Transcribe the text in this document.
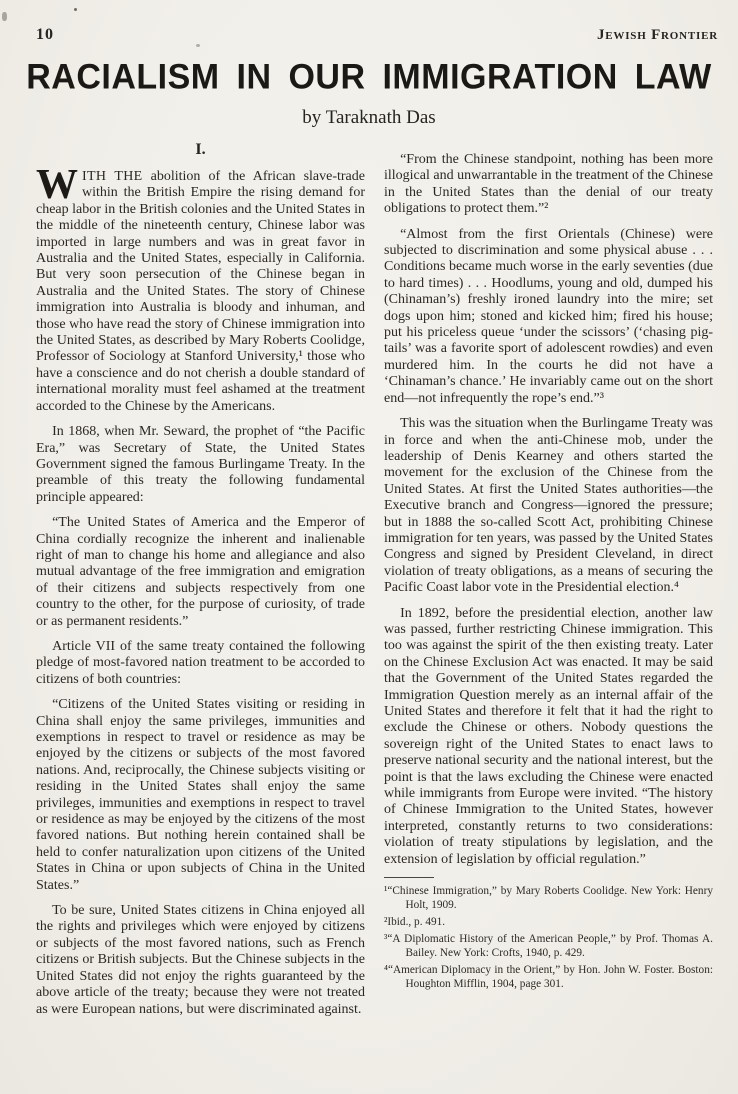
10	Jewish Frontier
RACIALISM IN OUR IMMIGRATION LAW
by Taraknath Das
I.

WITH THE abolition of the African slave-trade within the British Empire the rising demand for cheap labor in the British colonies and the United States in the middle of the nineteenth century, Chinese labor was imported in large numbers and was in great favor in Australia and the United States, especially in California. But very soon persecution of the Chinese began in Australia and the United States. The story of Chinese immigration into Australia is bloody and inhuman, and those who have read the story of Chinese immigration into the United States, as described by Mary Roberts Coolidge, Professor of Sociology at Stanford University,¹ those who have a conscience and do not cherish a double standard of international morality must feel ashamed at the treatment accorded to the Chinese by the Americans.

In 1868, when Mr. Seward, the prophet of “the Pacific Era,” was Secretary of State, the United States Government signed the famous Burlingame Treaty. In the preamble of this treaty the following fundamental principle appeared:

“The United States of America and the Emperor of China cordially recognize the inherent and inalienable right of man to change his home and allegiance and also mutual advantage of the free immigration and emigration of their citizens and subjects respectively from one country to the other, for the purpose of curiosity, of trade or as permanent residents.”

Article VII of the same treaty contained the following pledge of most-favored nation treatment to be accorded to citizens of both countries:

“Citizens of the United States visiting or residing in China shall enjoy the same privileges, immunities and exemptions in respect to travel or residence as may be enjoyed by the citizens or subjects of the most favored nations. And, reciprocally, the Chinese subjects visiting or residing in the United States shall enjoy the same privileges, immunities and exemptions in respect to travel or residence as may be enjoyed by the citizens of the most favored nations. But nothing herein contained shall be held to confer naturalization upon citizens of the United States in China or upon subjects of China in the United States.”

To be sure, United States citizens in China enjoyed all the rights and privileges which were enjoyed by citizens or subjects of the most favored nations, such as French citizens or British subjects. But the Chinese subjects in the United States did not enjoy the rights guaranteed by the above article of the treaty; because they were not treated as were European nations, but were discriminated against.

“From the Chinese standpoint, nothing has been more illogical and unwarrantable in the treatment of the Chinese in the United States than the denial of our treaty obligations to protect them.”²

“Almost from the first Orientals (Chinese) were subjected to discrimination and some physical abuse . . . Conditions became much worse in the early seventies (due to hard times) . . . Hoodlums, young and old, dumped his (Chinaman’s) freshly ironed laundry into the mire; set dogs upon him; stoned and kicked him; fired his house; put his priceless queue ‘under the scissors’ (‘chasing pig-tails’ was a favorite sport of adolescent rowdies) and even murdered him. In the courts he did not have a ‘Chinaman’s chance.’ He invariably came out on the short end—not infrequently the rope’s end.”³

This was the situation when the Burlingame Treaty was in force and when the anti-Chinese mob, under the leadership of Denis Kearney and others started the movement for the exclusion of the Chinese from the United States. At first the United States authorities—the Executive branch and Congress—ignored the pressure; but in 1888 the so-called Scott Act, prohibiting Chinese immigration for ten years, was passed by the United States Congress and signed by President Cleveland, in direct violation of treaty obligations, as a means of securing the Pacific Coast labor vote in the Presidential election.⁴

In 1892, before the presidential election, another law was passed, further restricting Chinese immigration. This too was against the spirit of the then existing treaty. Later on the Chinese Exclusion Act was enacted. It may be said that the Government of the United States regarded the Immigration Question merely as an internal affair of the United States and therefore it felt that it had the right to exclude the Chinese or others. Nobody questions the sovereign right of the United States to enact laws to preserve national security and the national interest, but the point is that the laws excluding the Chinese were enacted while immigrants from Europe were invited. “The history of Chinese Immigration to the United States, however interpreted, constantly returns to two considerations: violation of treaty stipulations by legislation, and the extension of legislation by official regulation.”

¹“Chinese Immigration,” by Mary Roberts Coolidge. New York: Henry Holt, 1909.

²Ibid., p. 491.

³“A Diplomatic History of the American People,” by Prof. Thomas A. Bailey. New York: Crofts, 1940, p. 429.

⁴“American Diplomacy in the Orient,” by Hon. John W. Foster. Boston: Houghton Mifflin, 1904, page 301.
